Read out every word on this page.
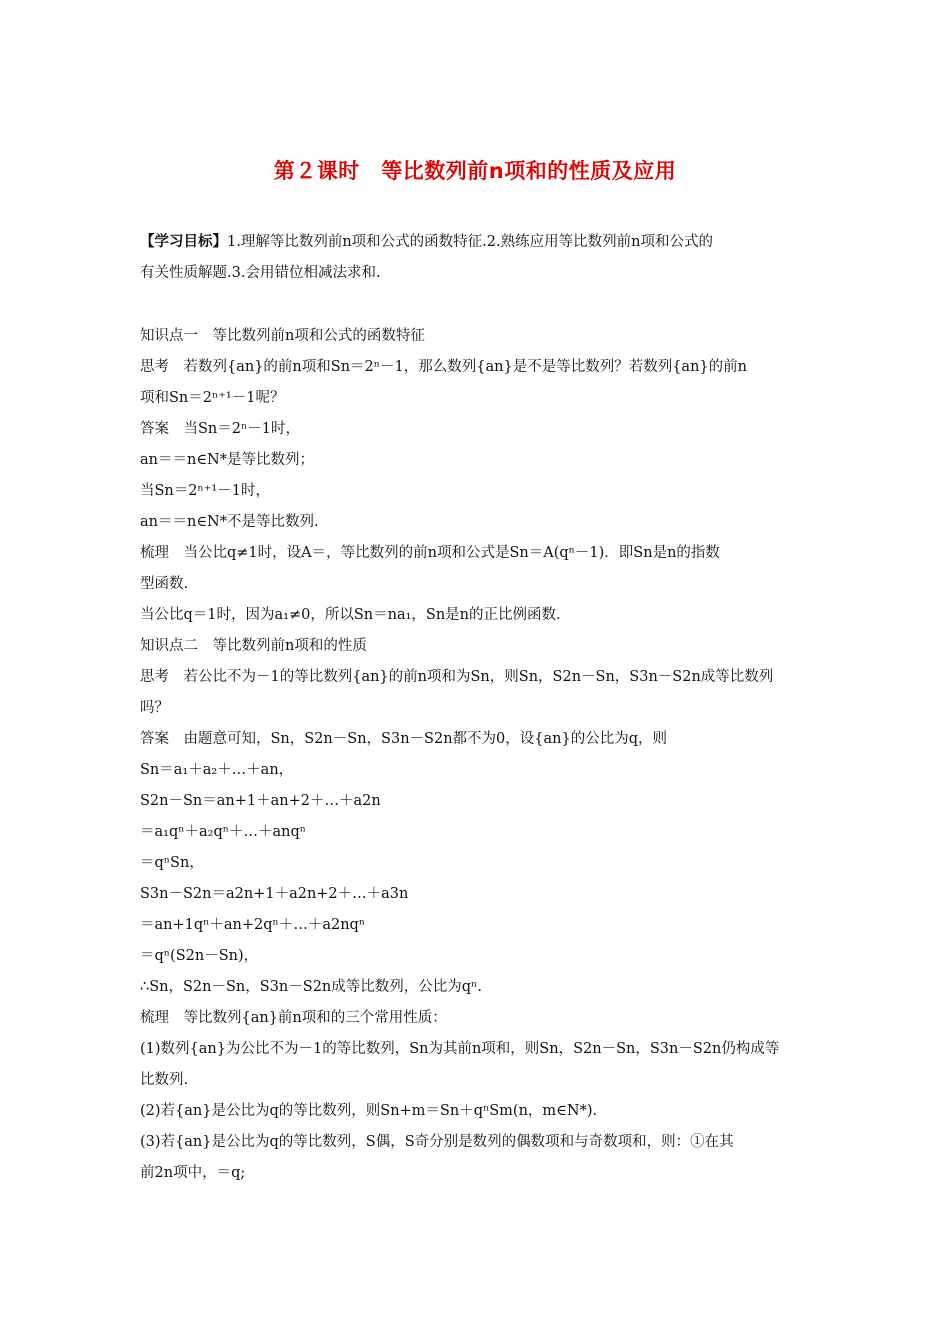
第２课时　等比数列前n项和的性质及应用
【学习目标】1.理解等比数列前n项和公式的函数特征.2.熟练应用等比数列前n项和公式的
有关性质解题.3.会用错位相减法求和.
知识点一　等比数列前n项和公式的函数特征
思考　若数列{an}的前n项和Sn＝2ⁿ－1，那么数列{an}是不是等比数列？若数列{an}的前n
项和Sn＝2ⁿ⁺¹－1呢？
答案　当Sn＝2ⁿ－1时，
an＝＝n∈N*是等比数列；
当Sn＝2ⁿ⁺¹－1时，
an＝＝n∈N*不是等比数列.
梳理　当公比q≠1时，设A＝，等比数列的前n项和公式是Sn＝A(qⁿ－1)．即Sn是n的指数
型函数.
当公比q＝1时，因为a₁≠0，所以Sn＝na₁，Sn是n的正比例函数.
知识点二　等比数列前n项和的性质
思考　若公比不为－1的等比数列{an}的前n项和为Sn，则Sn，S2n－Sn，S3n－S2n成等比数列
吗？
答案　由题意可知，Sn，S2n－Sn，S3n－S2n都不为0，设{an}的公比为q，则
Sn＝a₁＋a₂＋…＋an，
S2n－Sn＝an+1＋an+2＋…＋a2n
＝a₁qⁿ＋a₂qⁿ＋…＋anqⁿ
＝qⁿSn，
S3n－S2n＝a2n+1＋a2n+2＋…＋a3n
＝an+1qⁿ＋an+2qⁿ＋…＋a2nqⁿ
＝qⁿ(S2n－Sn)，
∴Sn，S2n－Sn，S3n－S2n成等比数列，公比为qⁿ.
梳理　等比数列{an}前n项和的三个常用性质：
(1)数列{an}为公比不为－1的等比数列，Sn为其前n项和，则Sn，S2n－Sn，S3n－S2n仍构成等
比数列.
(2)若{an}是公比为q的等比数列，则Sn+m＝Sn＋qⁿSm(n，m∈N*).
(3)若{an}是公比为q的等比数列，S偶，S奇分别是数列的偶数项和与奇数项和，则：①在其
前2n项中，＝q;
